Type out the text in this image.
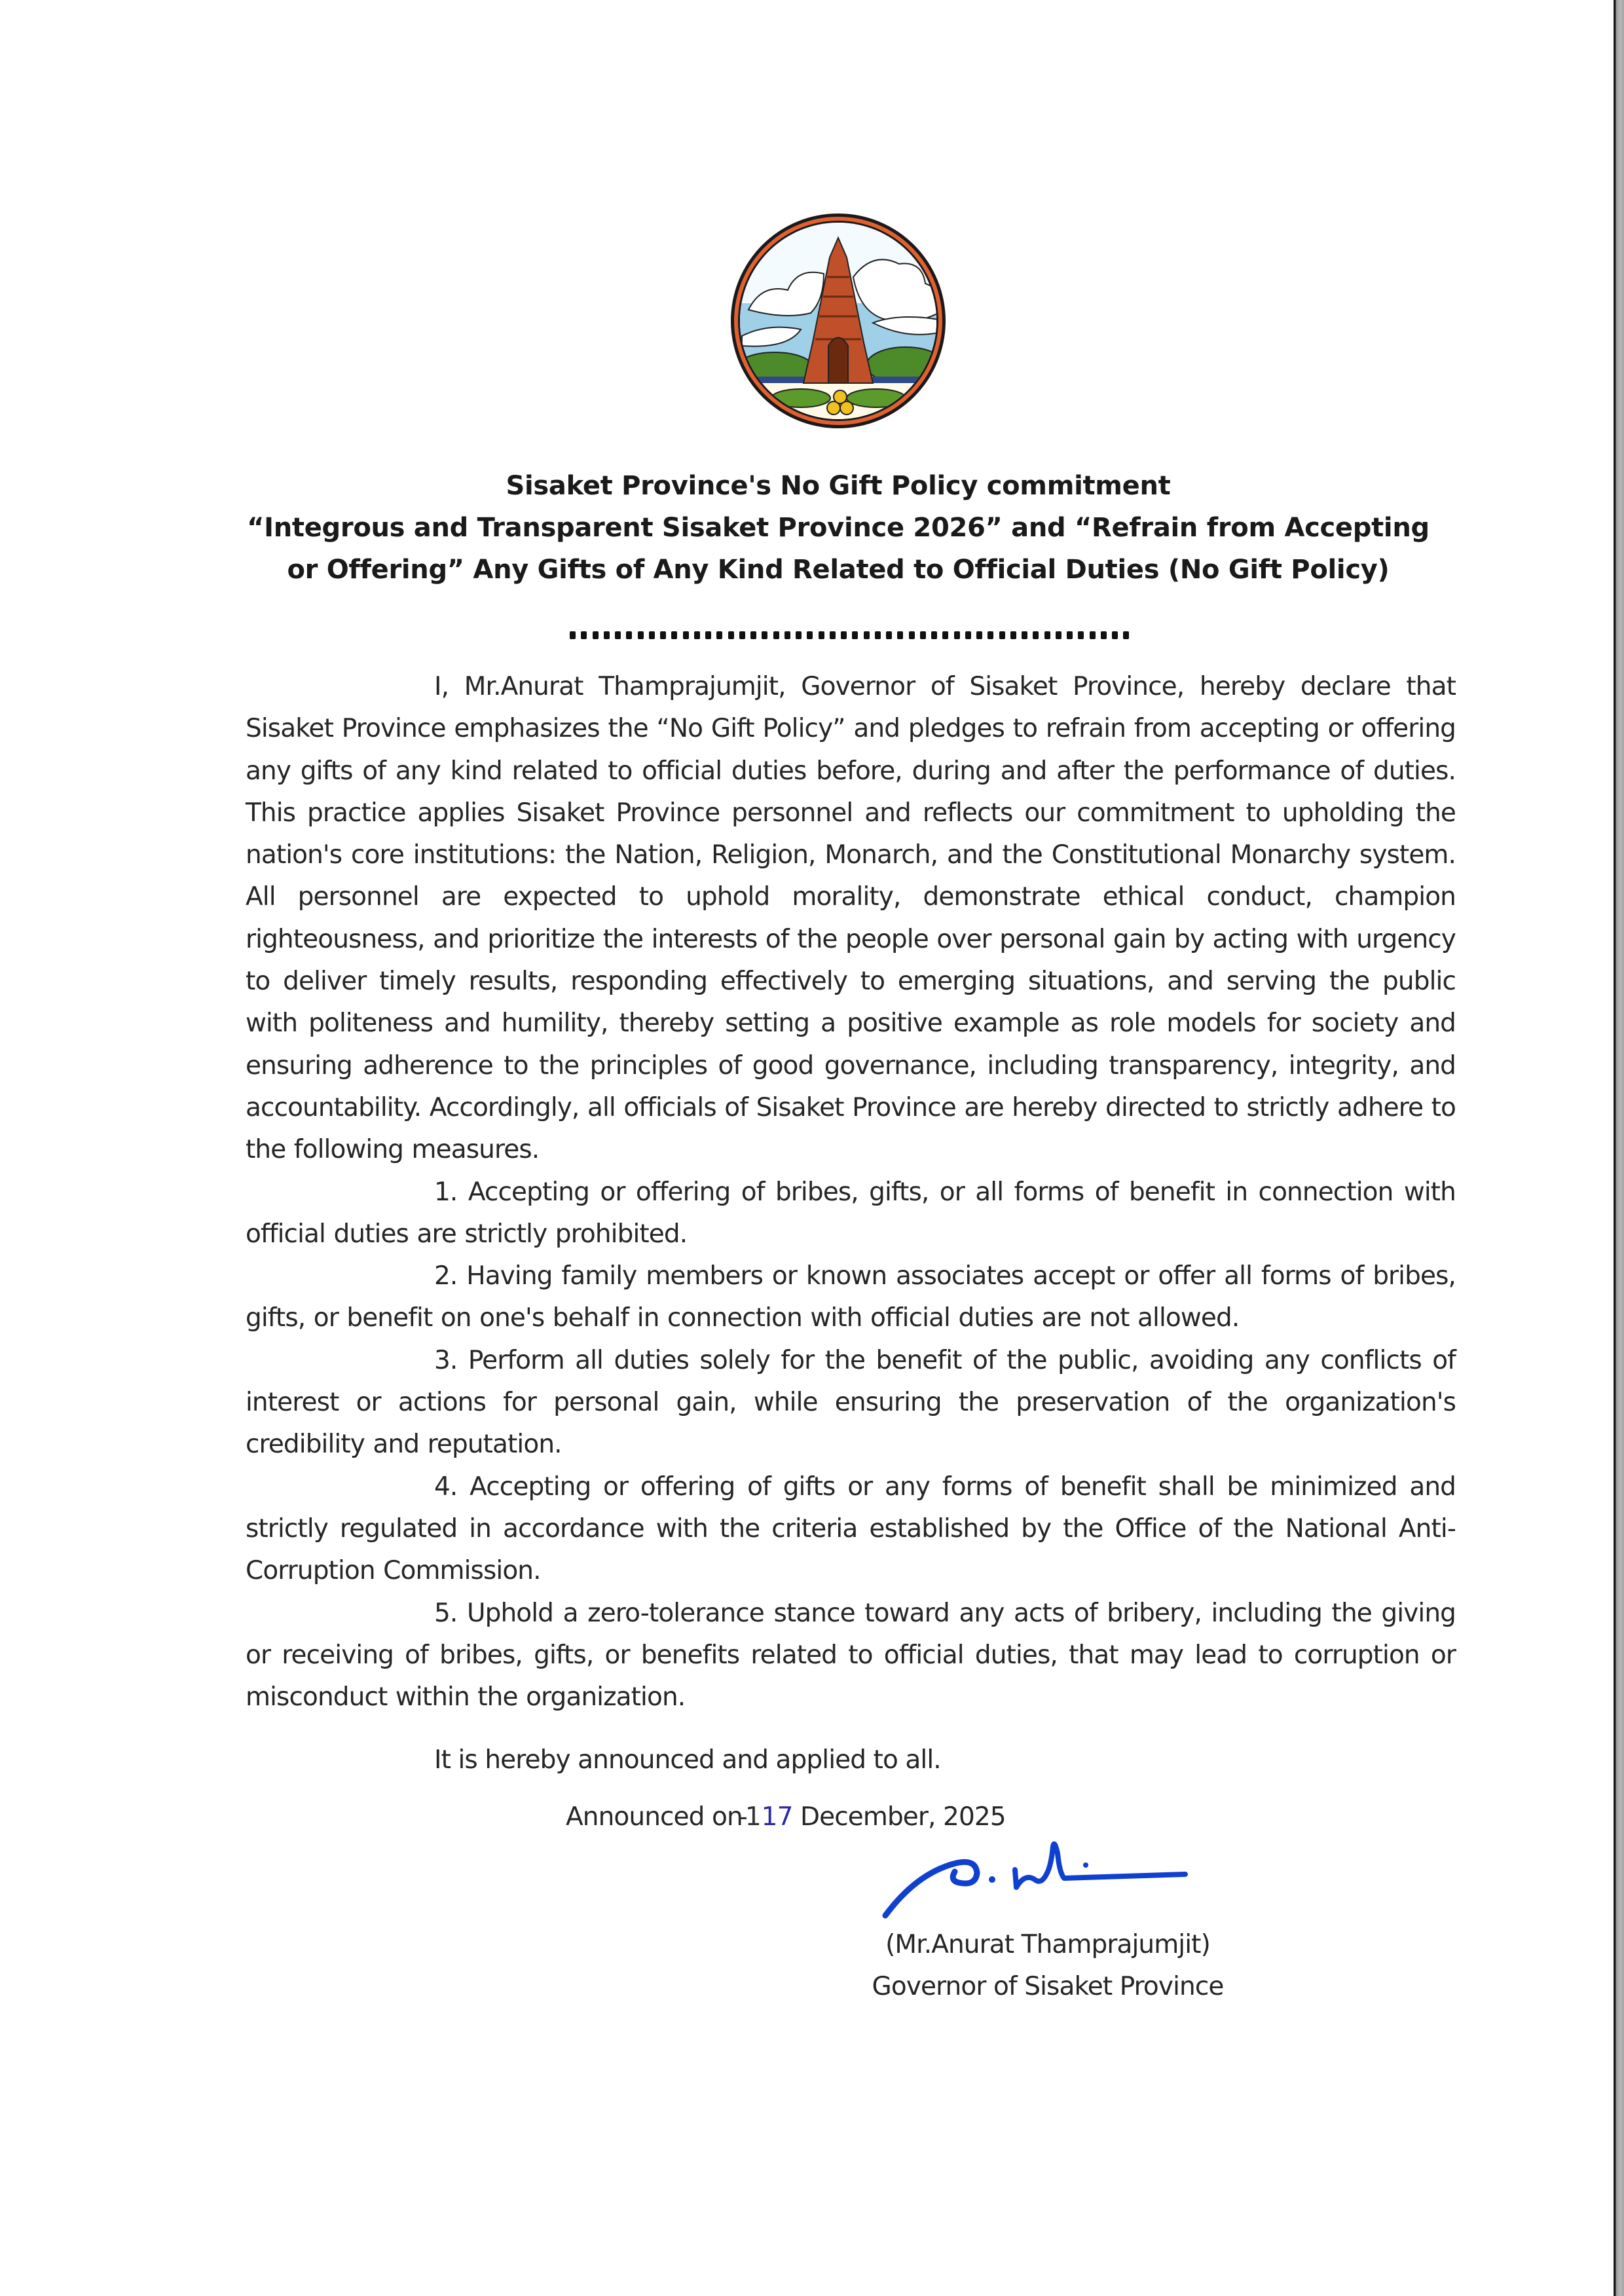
Sisaket Province's No Gift Policy commitment
“Integrous and Transparent Sisaket Province 2026” and “Refrain from Accepting
or Offering” Any Gifts of Any Kind Related to Official Duties (No Gift Policy)

I, Mr.Anurat Thamprajumjit, Governor of Sisaket Province, hereby declare that Sisaket Province emphasizes the “No Gift Policy” and pledges to refrain from accepting or offering any gifts of any kind related to official duties before, during and after the performance of duties. This practice applies Sisaket Province personnel and reflects our commitment to upholding the nation's core institutions: the Nation, Religion, Monarch, and the Constitutional Monarchy system. All personnel are expected to uphold morality, demonstrate ethical conduct, champion righteousness, and prioritize the interests of the people over personal gain by acting with urgency to deliver timely results, responding effectively to emerging situations, and serving the public with politeness and humility, thereby setting a positive example as role models for society and ensuring adherence to the principles of good governance, including transparency, integrity, and accountability. Accordingly, all officials of Sisaket Province are hereby directed to strictly adhere to the following measures.

1. Accepting or offering of bribes, gifts, or all forms of benefit in connection with official duties are strictly prohibited.

2. Having family members or known associates accept or offer all forms of bribes, gifts, or benefit on one's behalf in connection with official duties are not allowed.

3. Perform all duties solely for the benefit of the public, avoiding any conflicts of interest or actions for personal gain, while ensuring the preservation of the organization's credibility and reputation.

4. Accepting or offering of gifts or any forms of benefit shall be minimized and strictly regulated in accordance with the criteria established by the Office of the National Anti-Corruption Commission.

5. Uphold a zero-tolerance stance toward any acts of bribery, including the giving or receiving of bribes, gifts, or benefits related to official duties, that may lead to corruption or misconduct within the organization.

It is hereby announced and applied to all.
Announced on-1 17 December, 2025
(Mr.Anurat Thamprajumjit)
Governor of Sisaket Province
